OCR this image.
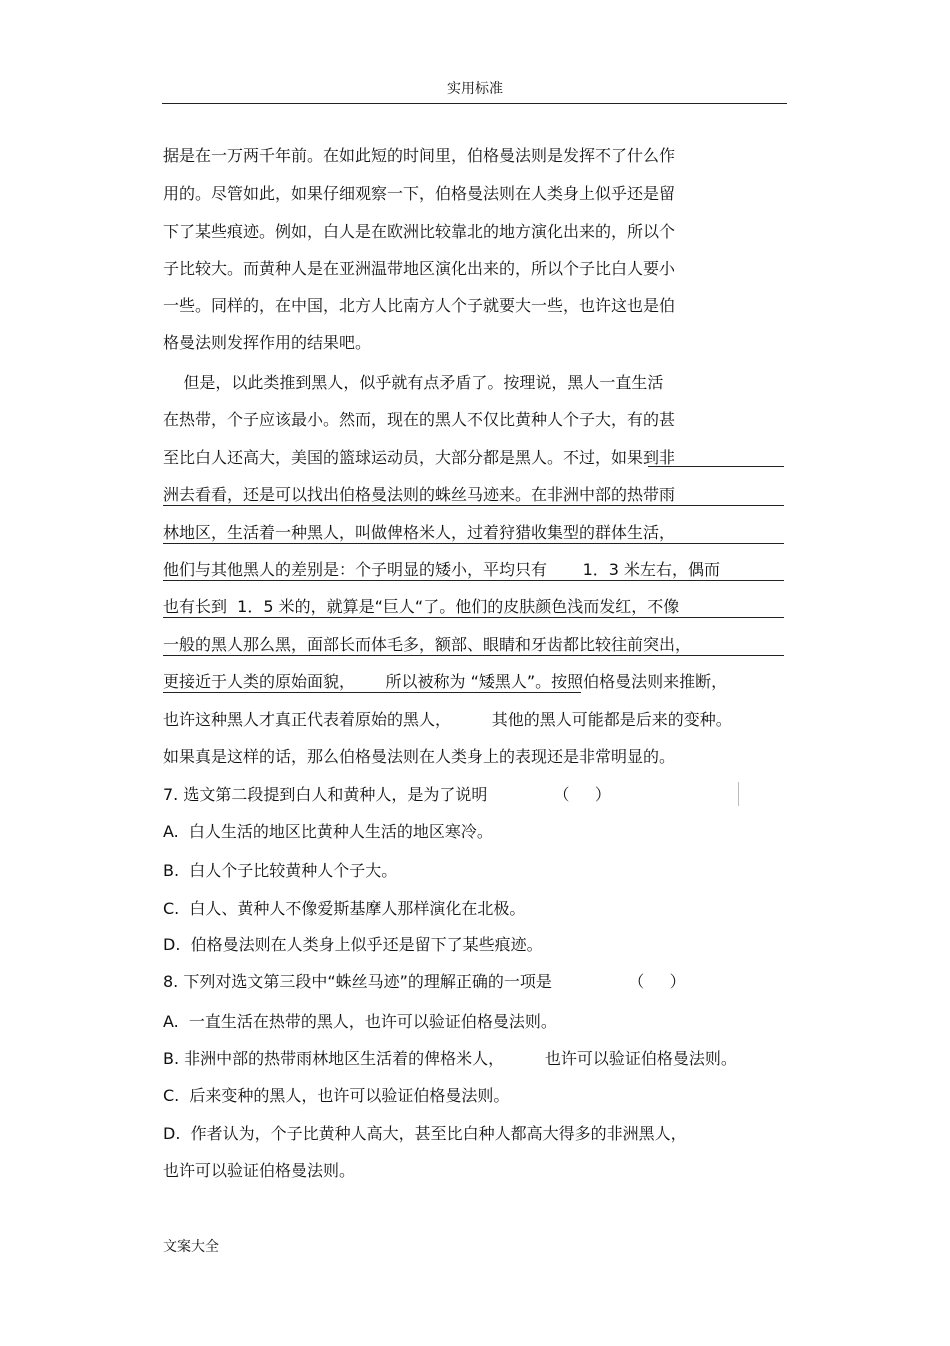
实用标准
据是在一万两千年前。在如此短的时间里，伯格曼法则是发挥不了什么作
用的。尽管如此，如果仔细观察一下，伯格曼法则在人类身上似乎还是留
下了某些痕迹。例如，白人是在欧洲比较靠北的地方演化出来的，所以个
子比较大。而黄种人是在亚洲温带地区演化出来的，所以个子比白人要小
一些。同样的，在中国，北方人比南方人个子就要大一些，也许这也是伯
格曼法则发挥作用的结果吧。
但是，以此类推到黑人，似乎就有点矛盾了。按理说，黑人一直生活
在热带，个子应该最小。然而，现在的黑人不仅比黄种人个子大，有的甚
至比白人还高大，美国的篮球运动员，大部分都是黑人。不过，如果到非
洲去看看，还是可以找出伯格曼法则的蛛丝马迹来。在非洲中部的热带雨
林地区，生活着一种黑人，叫做俾格米人，过着狩猎收集型的群体生活，
他们与其他黑人的差别是：个子明显的矮小，平均只有       1．3 米左右，偶而
也有长到  1．5 米的，就算是“巨人“了。他们的皮肤颜色浅而发红，不像
一般的黑人那么黑，面部长而体毛多，额部、眼睛和牙齿都比较往前突出，
更接近于人类的原始面貌，      所以被称为 “矮黑人”。按照伯格曼法则来推断，
也许这种黑人才真正代表着原始的黑人，        其他的黑人可能都是后来的变种。
如果真是这样的话，那么伯格曼法则在人类身上的表现还是非常明显的。
7. 选文第二段提到白人和黄种人，是为了说明             （     ）
A.  白人生活的地区比黄种人生活的地区寒冷。
B.  白人个子比较黄种人个子大。
C.  白人、黄种人不像爱斯基摩人那样演化在北极。
D.  伯格曼法则在人类身上似乎还是留下了某些痕迹。
8. 下列对选文第三段中“蛛丝马迹”的理解正确的一项是               （     ）
A.  一直生活在热带的黑人，也许可以验证伯格曼法则。
B. 非洲中部的热带雨林地区生活着的俾格米人，        也许可以验证伯格曼法则。
C.  后来变种的黑人，也许可以验证伯格曼法则。
D.  作者认为，个子比黄种人高大，甚至比白种人都高大得多的非洲黑人，
也许可以验证伯格曼法则。
文案大全
